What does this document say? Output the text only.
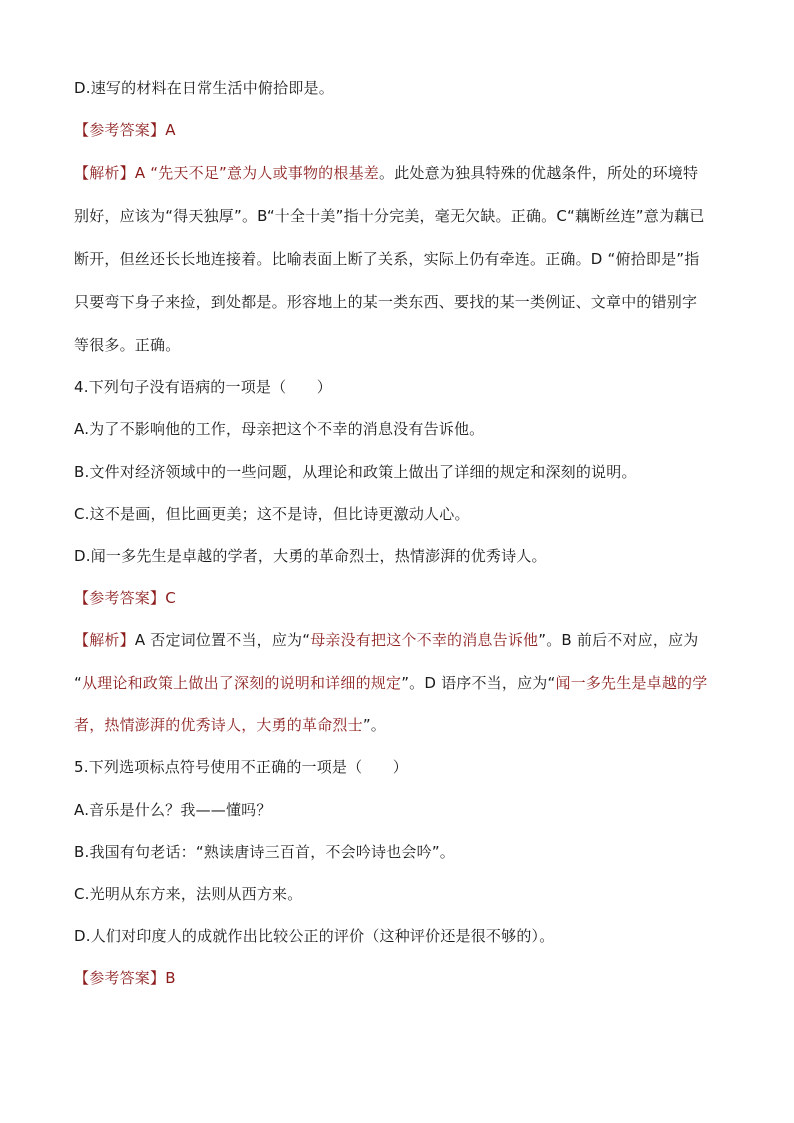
D.速写的材料在日常生活中俯拾即是。
【参考答案】A
【解析】A “先天不足”意为人或事物的根基差。此处意为独具特殊的优越条件，所处的环境特
别好，应该为“得天独厚”。B“十全十美”指十分完美，毫无欠缺。正确。C“藕断丝连”意为藕已
断开，但丝还长长地连接着。比喻表面上断了关系，实际上仍有牵连。正确。D “俯拾即是”指
只要弯下身子来捡，到处都是。形容地上的某一类东西、要找的某一类例证、文章中的错别字
等很多。正确。
4.下列句子没有语病的一项是（　　）
A.为了不影响他的工作，母亲把这个不幸的消息没有告诉他。
B.文件对经济领域中的一些问题，从理论和政策上做出了详细的规定和深刻的说明。
C.这不是画，但比画更美；这不是诗，但比诗更激动人心。
D.闻一多先生是卓越的学者，大勇的革命烈士，热情澎湃的优秀诗人。
【参考答案】C
【解析】A 否定词位置不当，应为“母亲没有把这个不幸的消息告诉他”。B 前后不对应，应为
“从理论和政策上做出了深刻的说明和详细的规定”。D 语序不当，应为“闻一多先生是卓越的学
者，热情澎湃的优秀诗人，大勇的革命烈士”。
5.下列选项标点符号使用不正确的一项是（　　）
A.音乐是什么？我——懂吗？
B.我国有句老话：“熟读唐诗三百首，不会吟诗也会吟”。
C.光明从东方来，法则从西方来。
D.人们对印度人的成就作出比较公正的评价（这种评价还是很不够的）。
【参考答案】B
